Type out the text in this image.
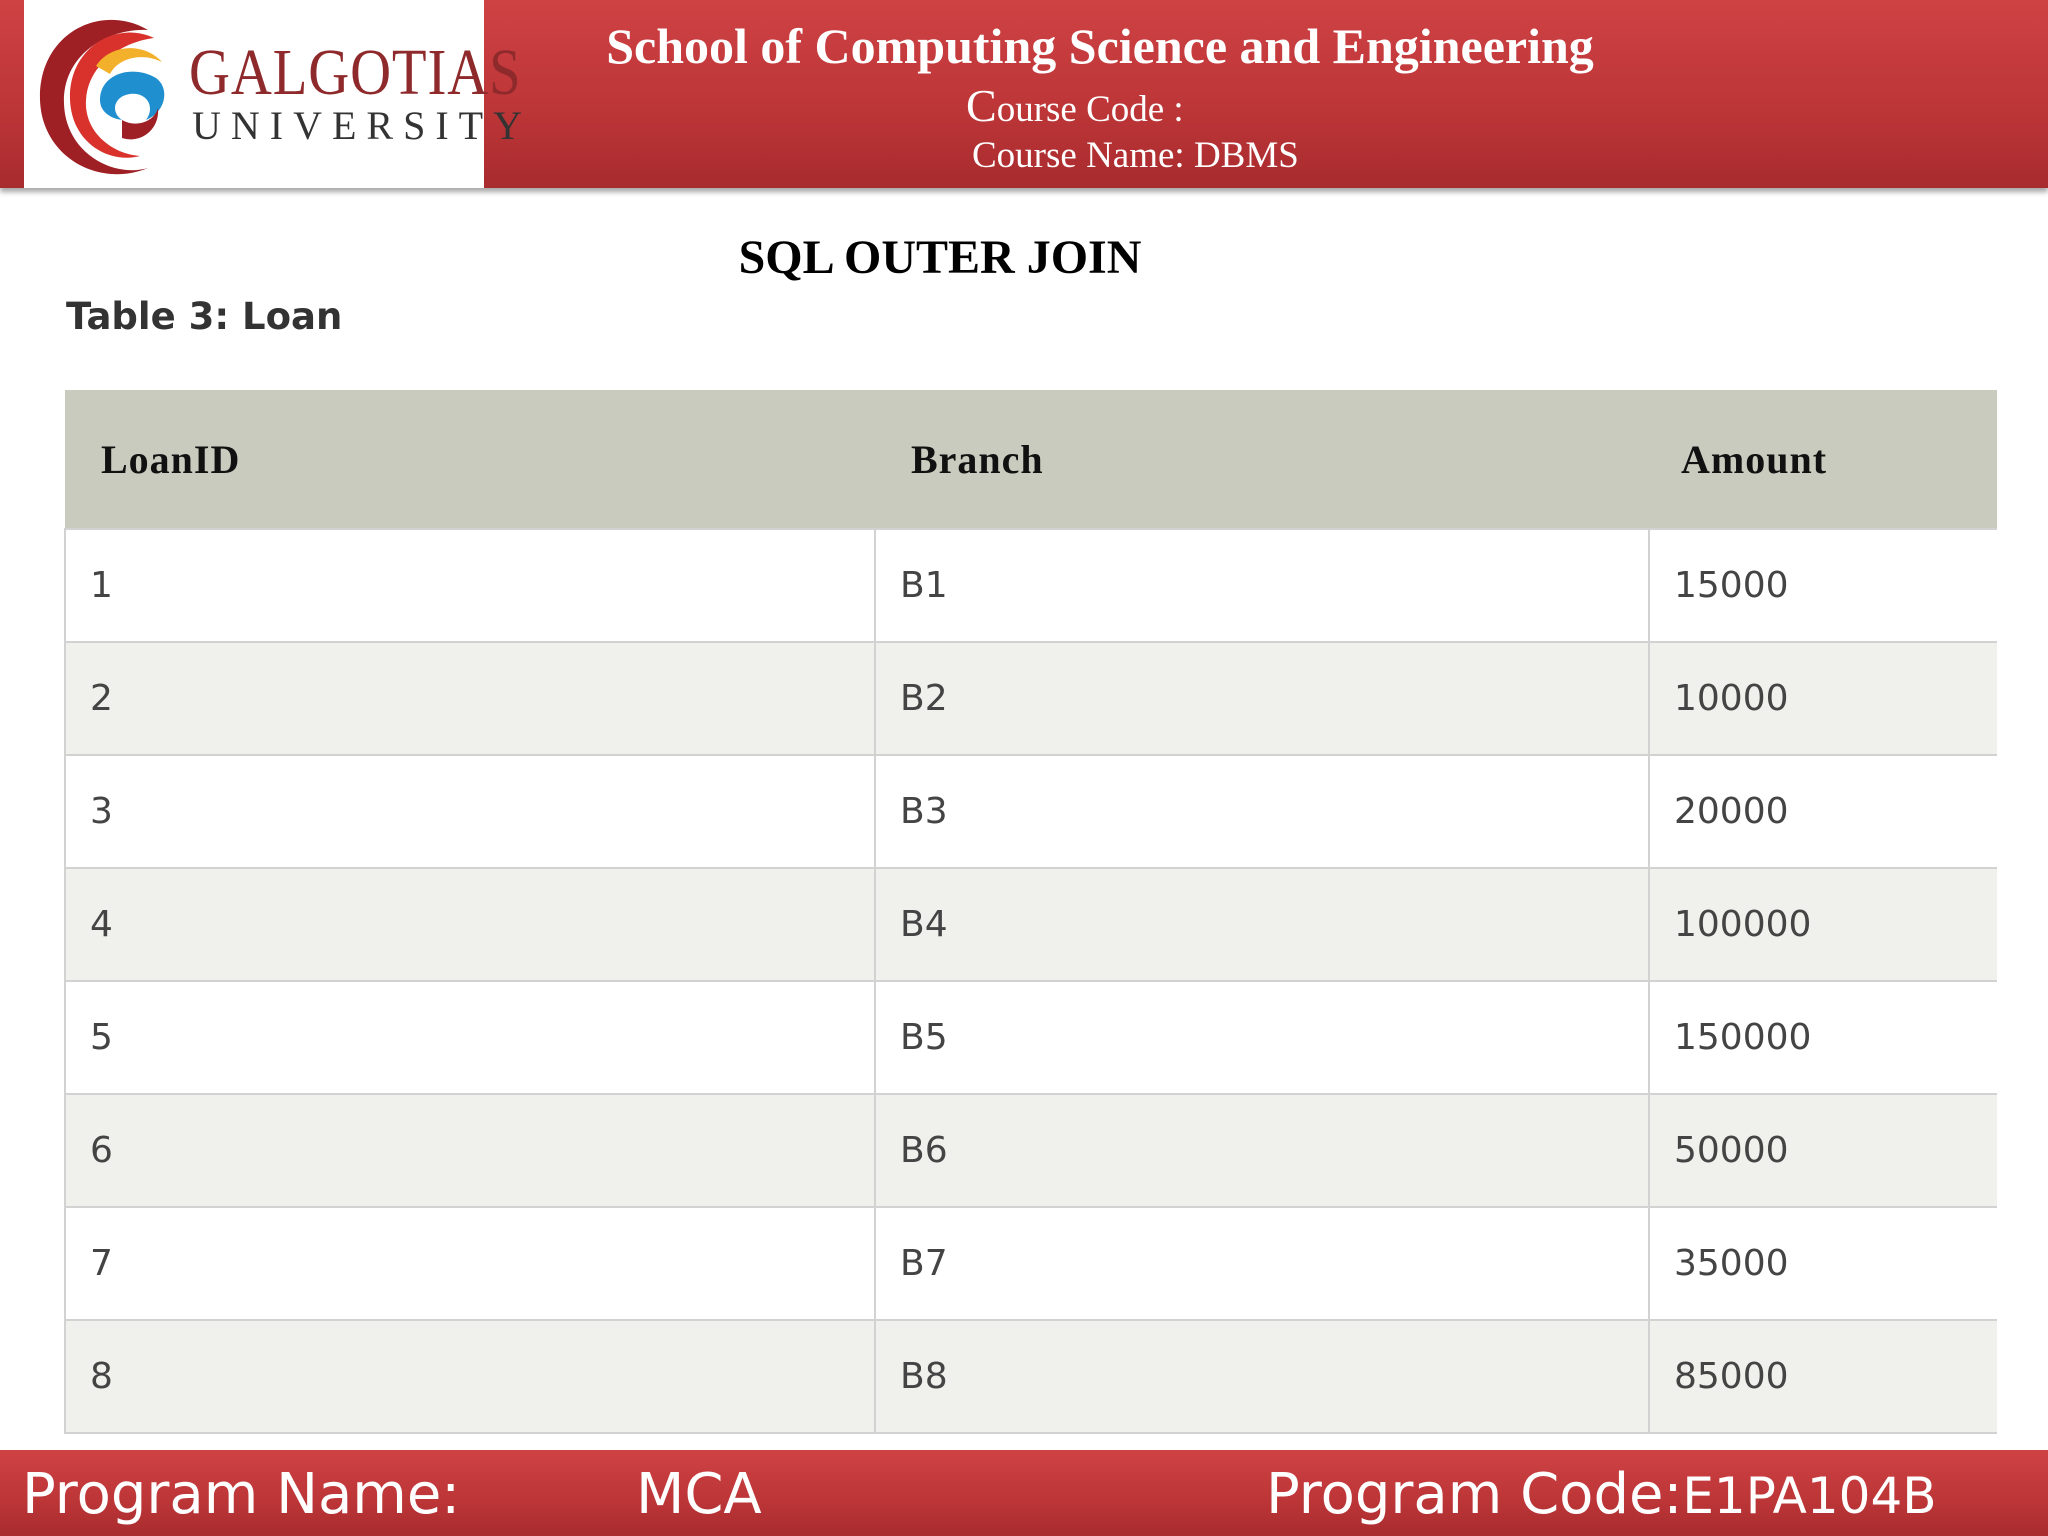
GALGOTIAS
UNIVERSITY
School of Computing Science and Engineering
Course Code :
Course Name: DBMS
SQL OUTER JOIN
Table 3: Loan
LoanID	Branch	Amount
1	B1	15000
2	B2	10000
3	B3	20000
4	B4	100000
5	B5	150000
6	B6	50000
7	B7	35000
8	B8	85000
Program Name:	MCA	Program Code:E1PA104B
